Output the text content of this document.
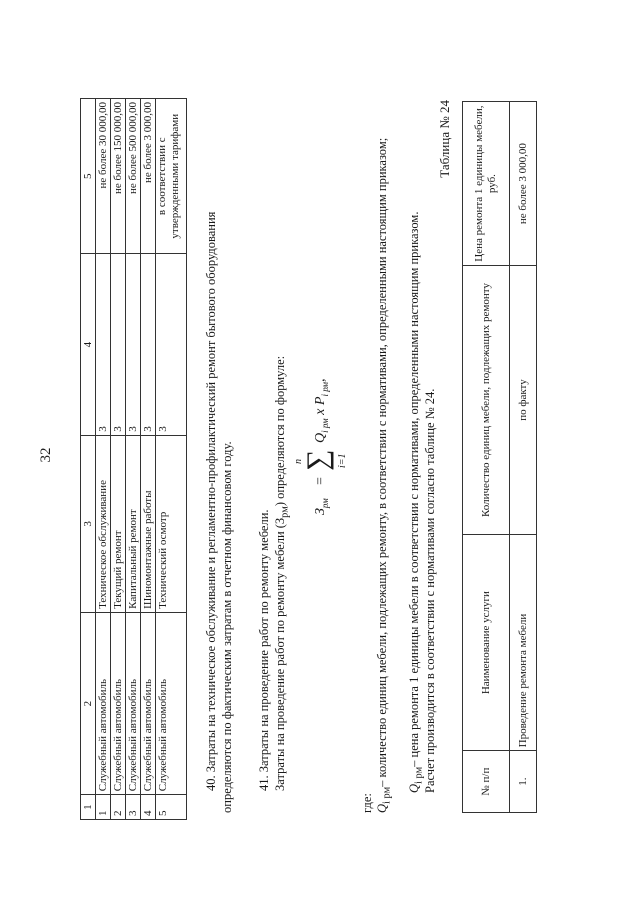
32
1	2	3	4	5
1	Служебный автомобиль	Техническое обслуживание	3	не более 30 000,00
2	Служебный автомобиль	Текущий ремонт	3	не более 150 000,00
3	Служебный автомобиль	Капитальный ремонт	3	не более 500 000,00
4	Служебный автомобиль	Шиномонтажные работы	3	не более 3 000,00
5	Служебный автомобиль	Технический осмотр	3	в соответствии с утвержденными тарифами
40. Затраты на техническое обслуживание и регламентно-профилактический ремонт бытового оборудования определяются по фактическим затратам в отчетном финансовом году. 41. Затраты на проведение работ по ремонту мебели. Затраты на проведение работ по ремонту мебели $(З_{рм})$ определяются по формуле:
$З_{рм}$
=
n
∑ i=1
$Q_{i рм}$ x $P_{i рм}$,
где: $Q_{i рм}-$ количество единиц мебели, подлежащих ремонту, в соответствии с нормативами, определенными настоящим приказом;
$Q_{i рм}-$ цена ремонта 1 единицы мебели в соответствии с нормативами, определенными настоящим приказом. Расчет производится в соответствии с нормативами согласно таблице № 24.
Таблица № 24
№ п/п	Наименование услуги	Количество единиц мебели, подлежащих ремонту	Цена ремонта 1 единицы мебели, руб.
1.	Проведение ремонта мебели	по факту	не более 3 000,00
